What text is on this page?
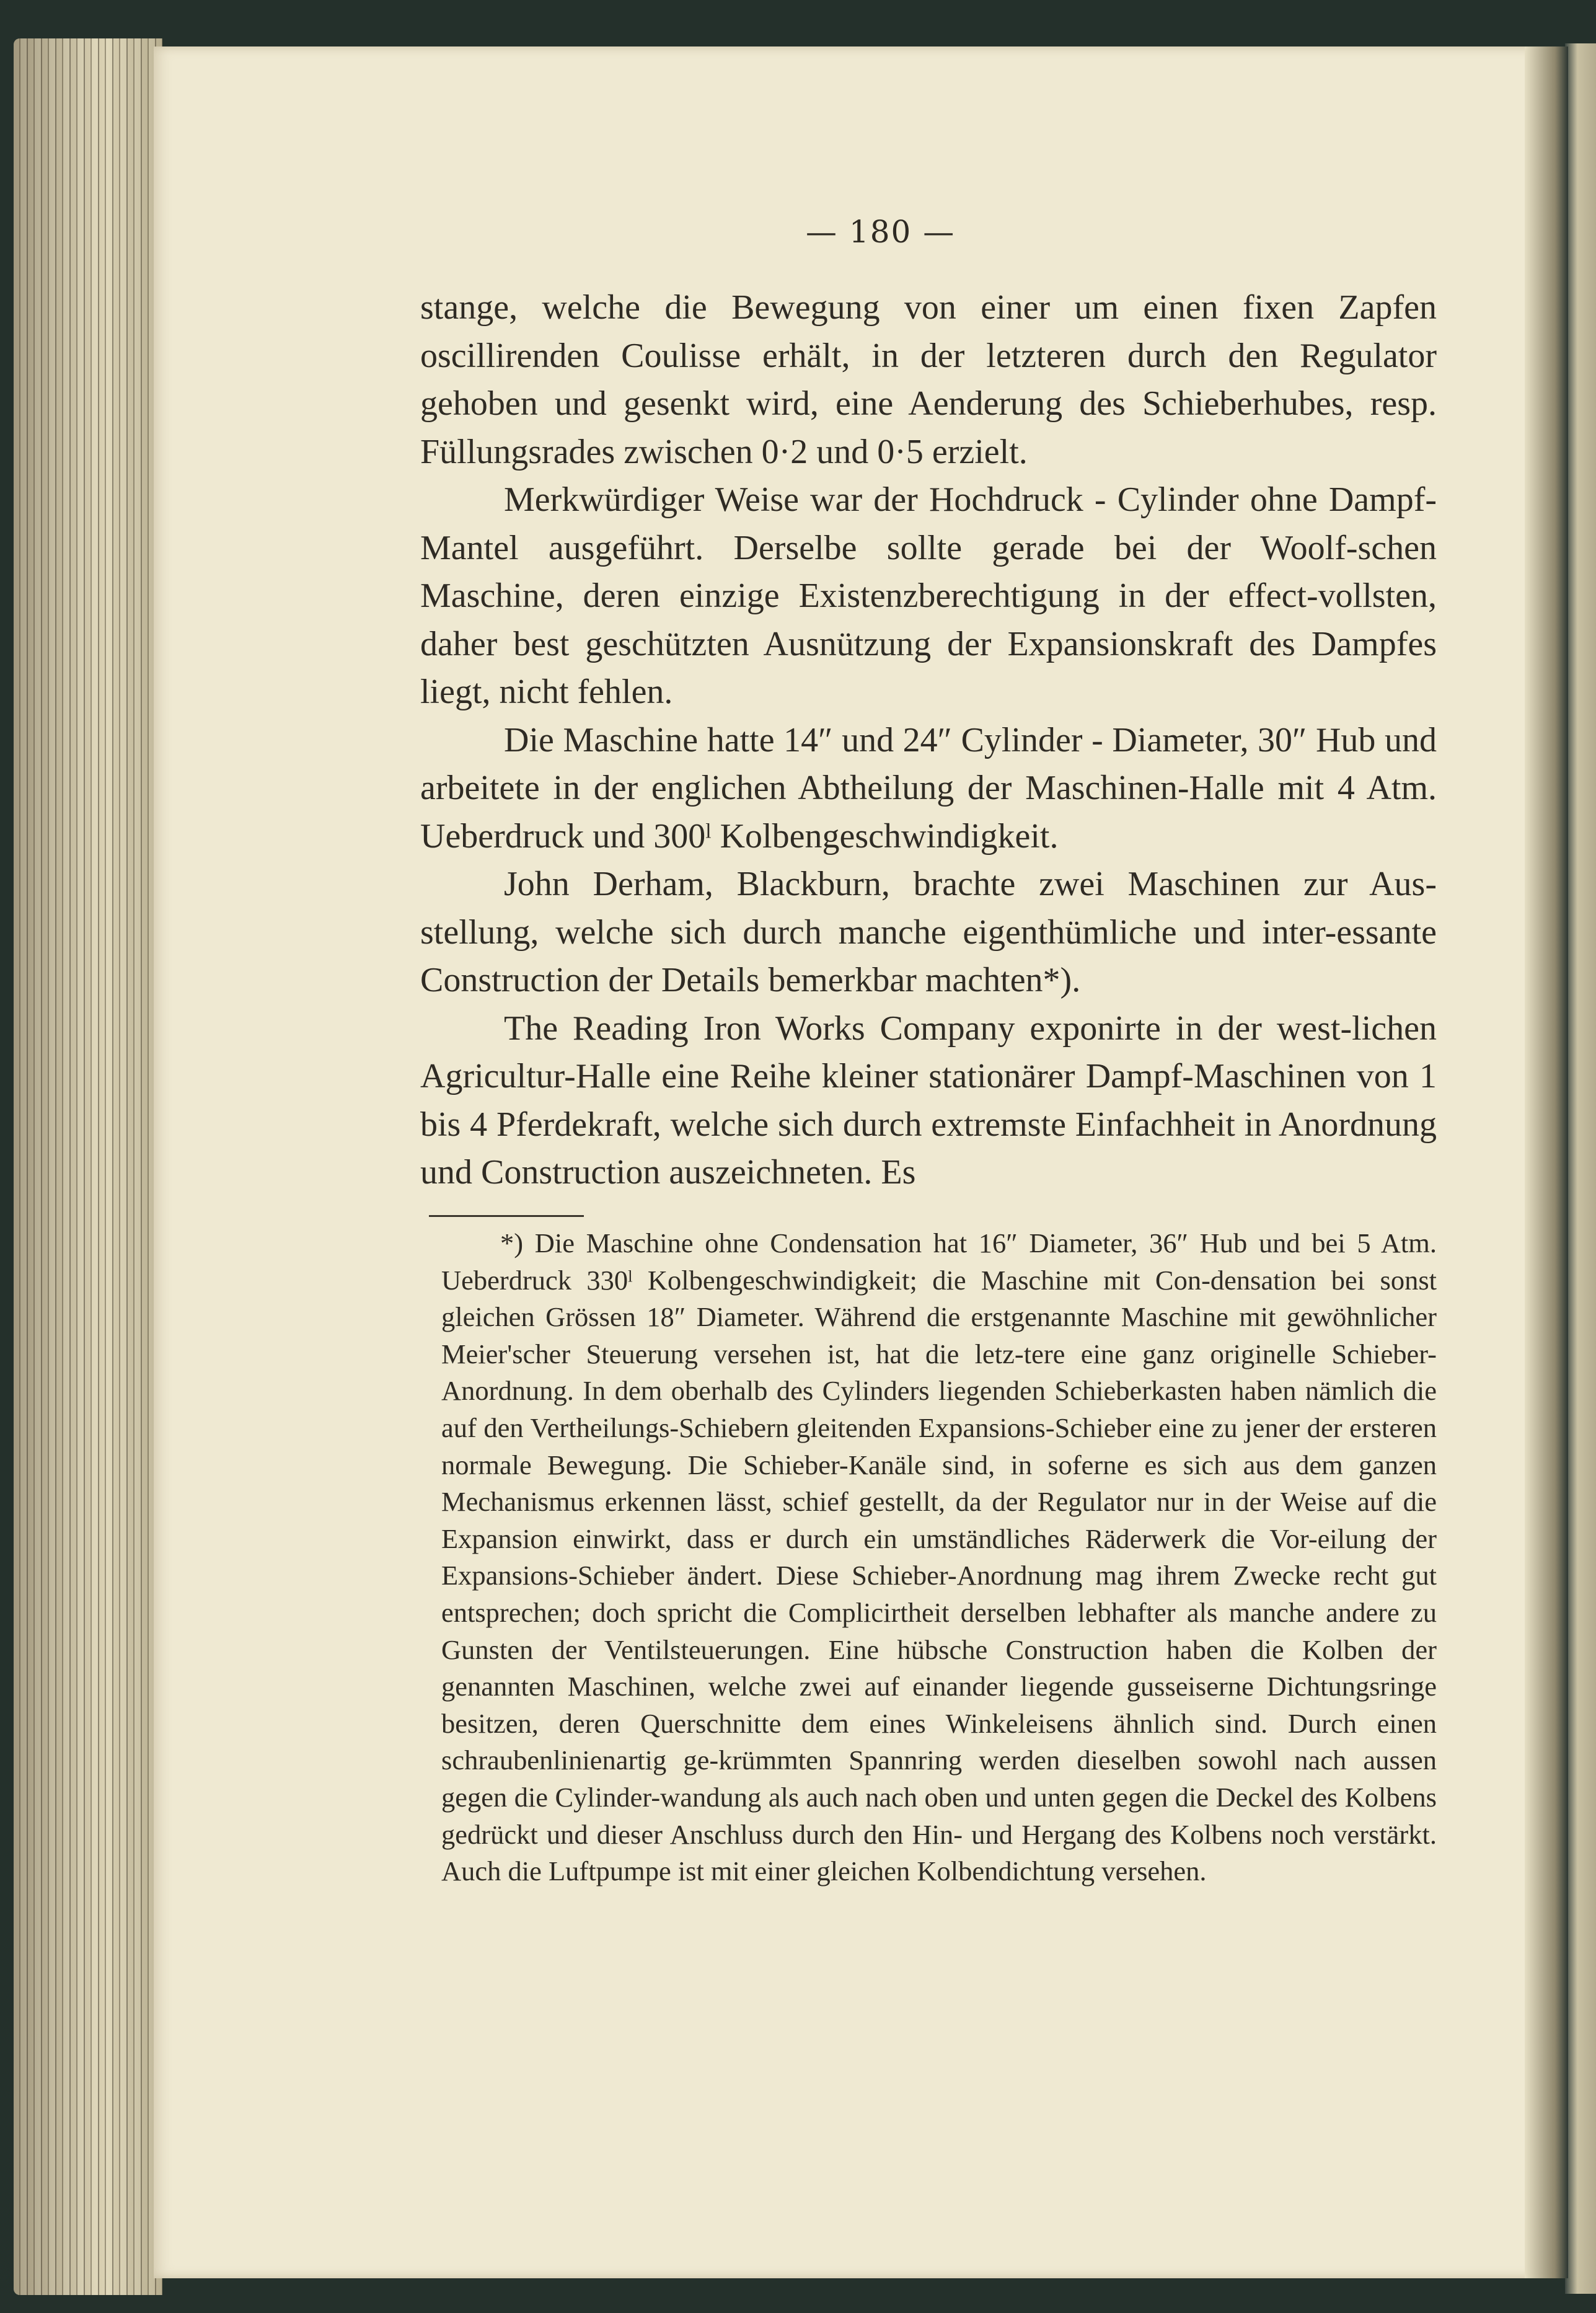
— 180 —

stange, welche die Bewegung von einer um einen fixen Zapfen oscillirenden Coulisse erhält, in der letzteren durch den Regulator gehoben und gesenkt wird, eine Aenderung des Schieberhubes, resp. Füllungsrades zwischen 0·2 und 0·5 erzielt.

Merkwürdiger Weise war der Hochdruck - Cylinder ohne Dampf-Mantel ausgeführt. Derselbe sollte gerade bei der Woolf-schen Maschine, deren einzige Existenzberechtigung in der effect-vollsten, daher best geschützten Ausnützung der Expansionskraft des Dampfes liegt, nicht fehlen.

Die Maschine hatte 14″ und 24″ Cylinder - Diameter, 30″ Hub und arbeitete in der englichen Abtheilung der Maschinen-Halle mit 4 Atm. Ueberdruck und 300ˡ Kolbengeschwindigkeit.

John Derham, Blackburn, brachte zwei Maschinen zur Aus-stellung, welche sich durch manche eigenthümliche und inter-essante Construction der Details bemerkbar machten*).

The Reading Iron Works Company exponirte in der west-lichen Agricultur-Halle eine Reihe kleiner stationärer Dampf-Maschinen von 1 bis 4 Pferdekraft, welche sich durch extremste Einfachheit in Anordnung und Construction auszeichneten. Es

*) Die Maschine ohne Condensation hat 16″ Diameter, 36″ Hub und bei 5 Atm. Ueberdruck 330ˡ Kolbengeschwindigkeit; die Maschine mit Con-densation bei sonst gleichen Grössen 18″ Diameter. Während die erstgenannte Maschine mit gewöhnlicher Meier'scher Steuerung versehen ist, hat die letz-tere eine ganz originelle Schieber-Anordnung. In dem oberhalb des Cylinders liegenden Schieberkasten haben nämlich die auf den Vertheilungs-Schiebern gleitenden Expansions-Schieber eine zu jener der ersteren normale Bewegung. Die Schieber-Kanäle sind, in soferne es sich aus dem ganzen Mechanismus erkennen lässt, schief gestellt, da der Regulator nur in der Weise auf die Expansion einwirkt, dass er durch ein umständliches Räderwerk die Vor-eilung der Expansions-Schieber ändert. Diese Schieber-Anordnung mag ihrem Zwecke recht gut entsprechen; doch spricht die Complicirtheit derselben lebhafter als manche andere zu Gunsten der Ventilsteuerungen. Eine hübsche Construction haben die Kolben der genannten Maschinen, welche zwei auf einander liegende gusseiserne Dichtungsringe besitzen, deren Querschnitte dem eines Winkeleisens ähnlich sind. Durch einen schraubenlinienartig ge-krümmten Spannring werden dieselben sowohl nach aussen gegen die Cylinder-wandung als auch nach oben und unten gegen die Deckel des Kolbens gedrückt und dieser Anschluss durch den Hin- und Hergang des Kolbens noch verstärkt. Auch die Luftpumpe ist mit einer gleichen Kolbendichtung versehen.
